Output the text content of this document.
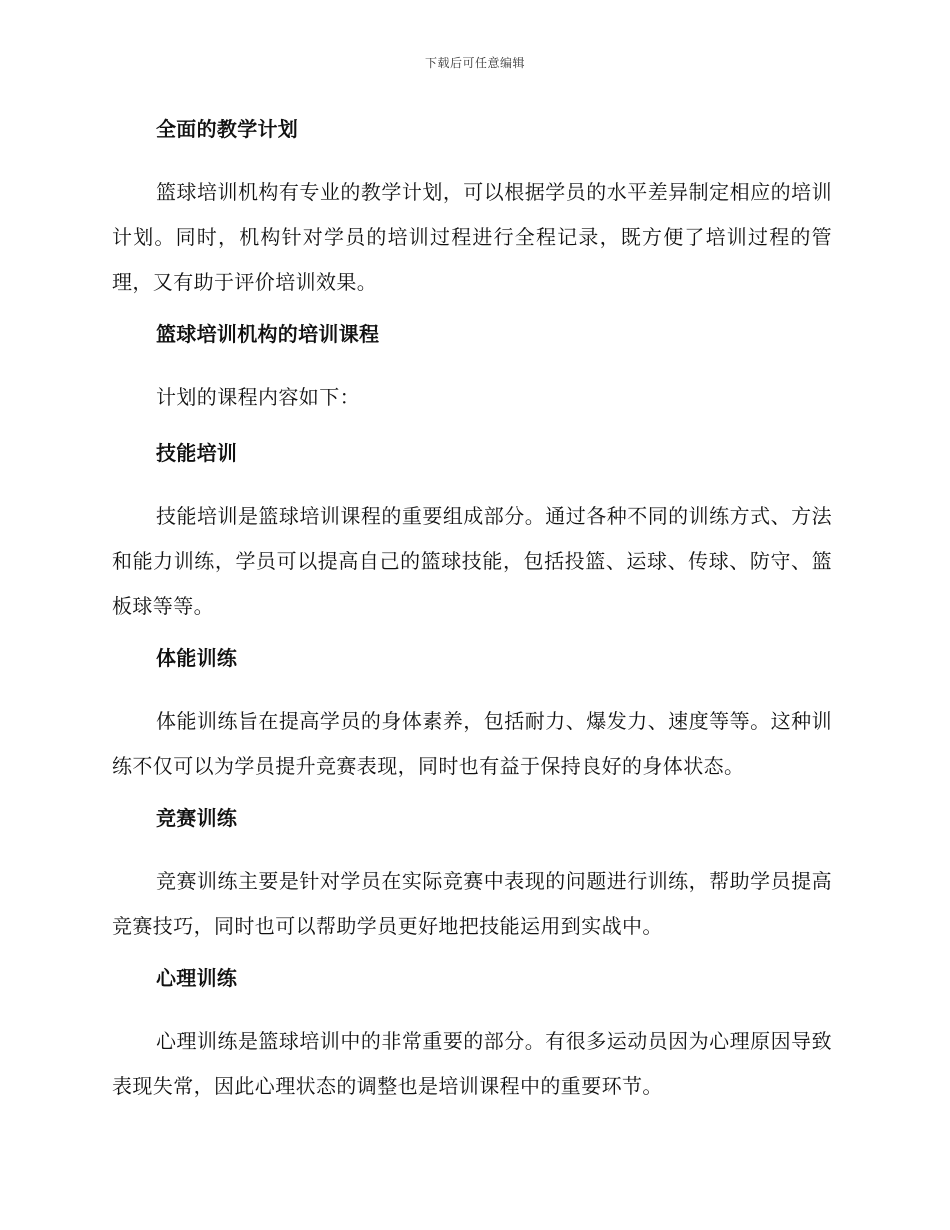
下载后可任意编辑
全面的教学计划
篮球培训机构有专业的教学计划，可以根据学员的水平差异制定相应的培训计划。同时，机构针对学员的培训过程进行全程记录，既方便了培训过程的管理，又有助于评价培训效果。
篮球培训机构的培训课程
计划的课程内容如下：
技能培训
技能培训是篮球培训课程的重要组成部分。通过各种不同的训练方式、方法和能力训练，学员可以提高自己的篮球技能，包括投篮、运球、传球、防守、篮板球等等。
体能训练
体能训练旨在提高学员的身体素养，包括耐力、爆发力、速度等等。这种训练不仅可以为学员提升竞赛表现，同时也有益于保持良好的身体状态。
竞赛训练
竞赛训练主要是针对学员在实际竞赛中表现的问题进行训练，帮助学员提高竞赛技巧，同时也可以帮助学员更好地把技能运用到实战中。
心理训练
心理训练是篮球培训中的非常重要的部分。有很多运动员因为心理原因导致表现失常，因此心理状态的调整也是培训课程中的重要环节。
